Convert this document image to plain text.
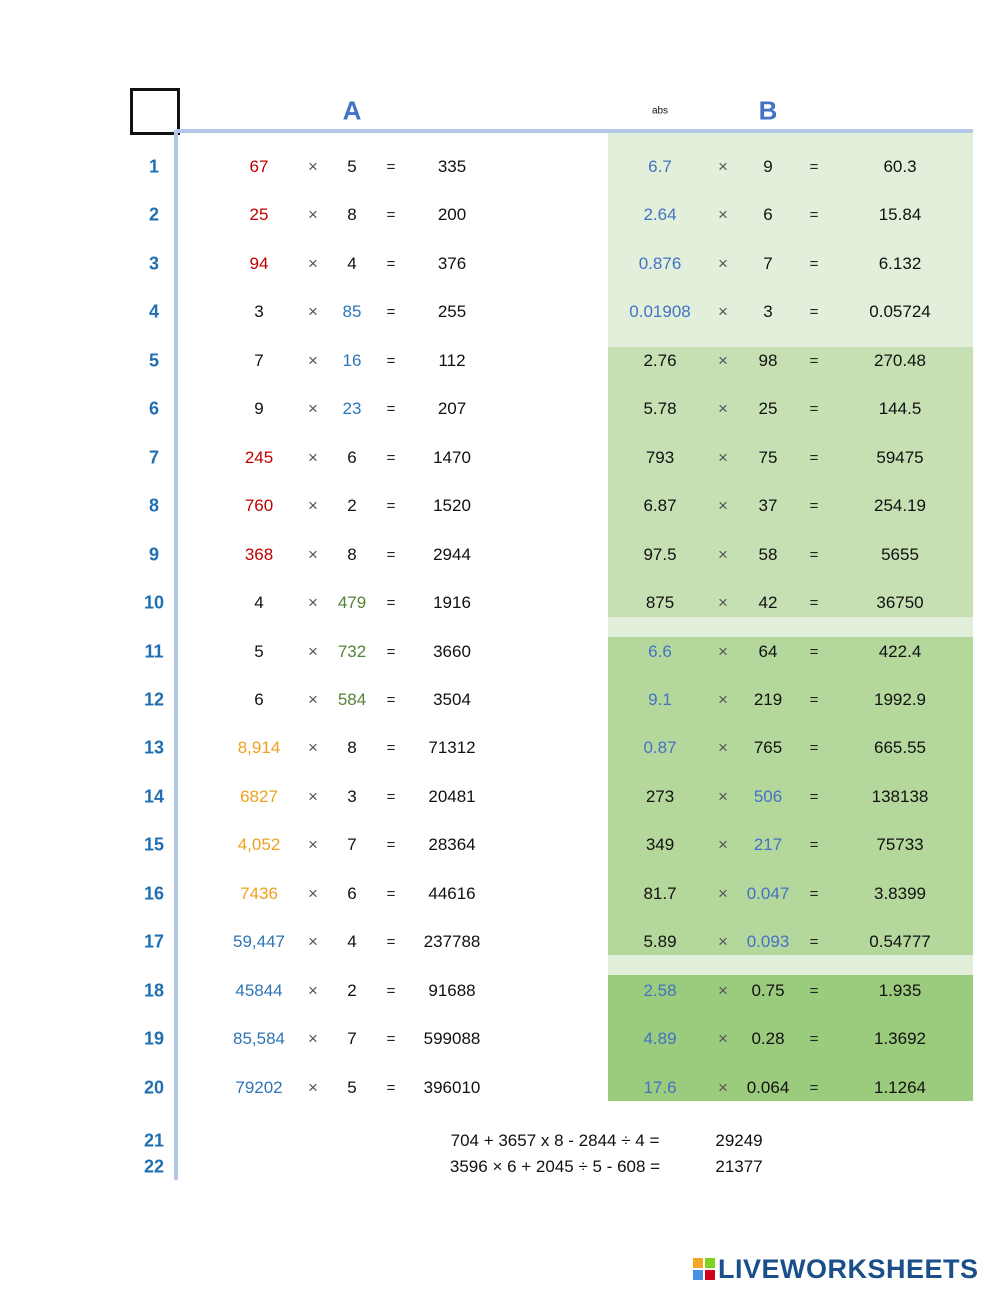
A	abs	B
1	67 × 5 = 335	6.7	× 9 =	60.3
2	25 × 8 = 200	2.64 × 6 =	15.84
3	94 × 4 = 376	0.876 × 7 =	6.132
4	3	× 85 = 255	0.01908 × 3 =	0.05724
5	7	× 16 =	112	2.76 × 98 =	270.48
6	9	× 23 = 207	5.78 × 25 =	144.5
7	245 × 6 = 1470	793	× 75 =	59475
8	760 × 2 = 1520	6.87 × 37 =	254.19
9	368 × 8 = 2944	97.5 × 58 =	5655
10	4	× 479 = 1916	875	× 42 =	36750
11	5	× 732 = 3660	6.6	× 64 =	422.4
12	6	× 584 = 3504	9.1	× 219 =	1992.9
13	8,914 × 8 = 71312	0.87 × 765 =	665.55
14	6827 × 3 = 20481	273	× 506 =	138138
15	4,052 × 7 = 28364	349	× 217 =	75733
16	7436 × 6 = 44616	81.7 × 0.047 =	3.8399
17	59,447 × 4 = 237788	5.89 × 0.093 =	0.54777
18	45844 × 2 = 91688	2.58 × 0.75 =	1.935
19	85,584 × 7 = 599088	4.89 × 0.28 =	1.3692
20	79202 × 5 = 396010	17.6 × 0.064 =	1.1264
21	704 + 3657 x 8 - 2844 ÷ 4 =	29249
22	3596 × 6 + 2045 ÷ 5 - 608 =	21377
LIVEWORKSHEETS
